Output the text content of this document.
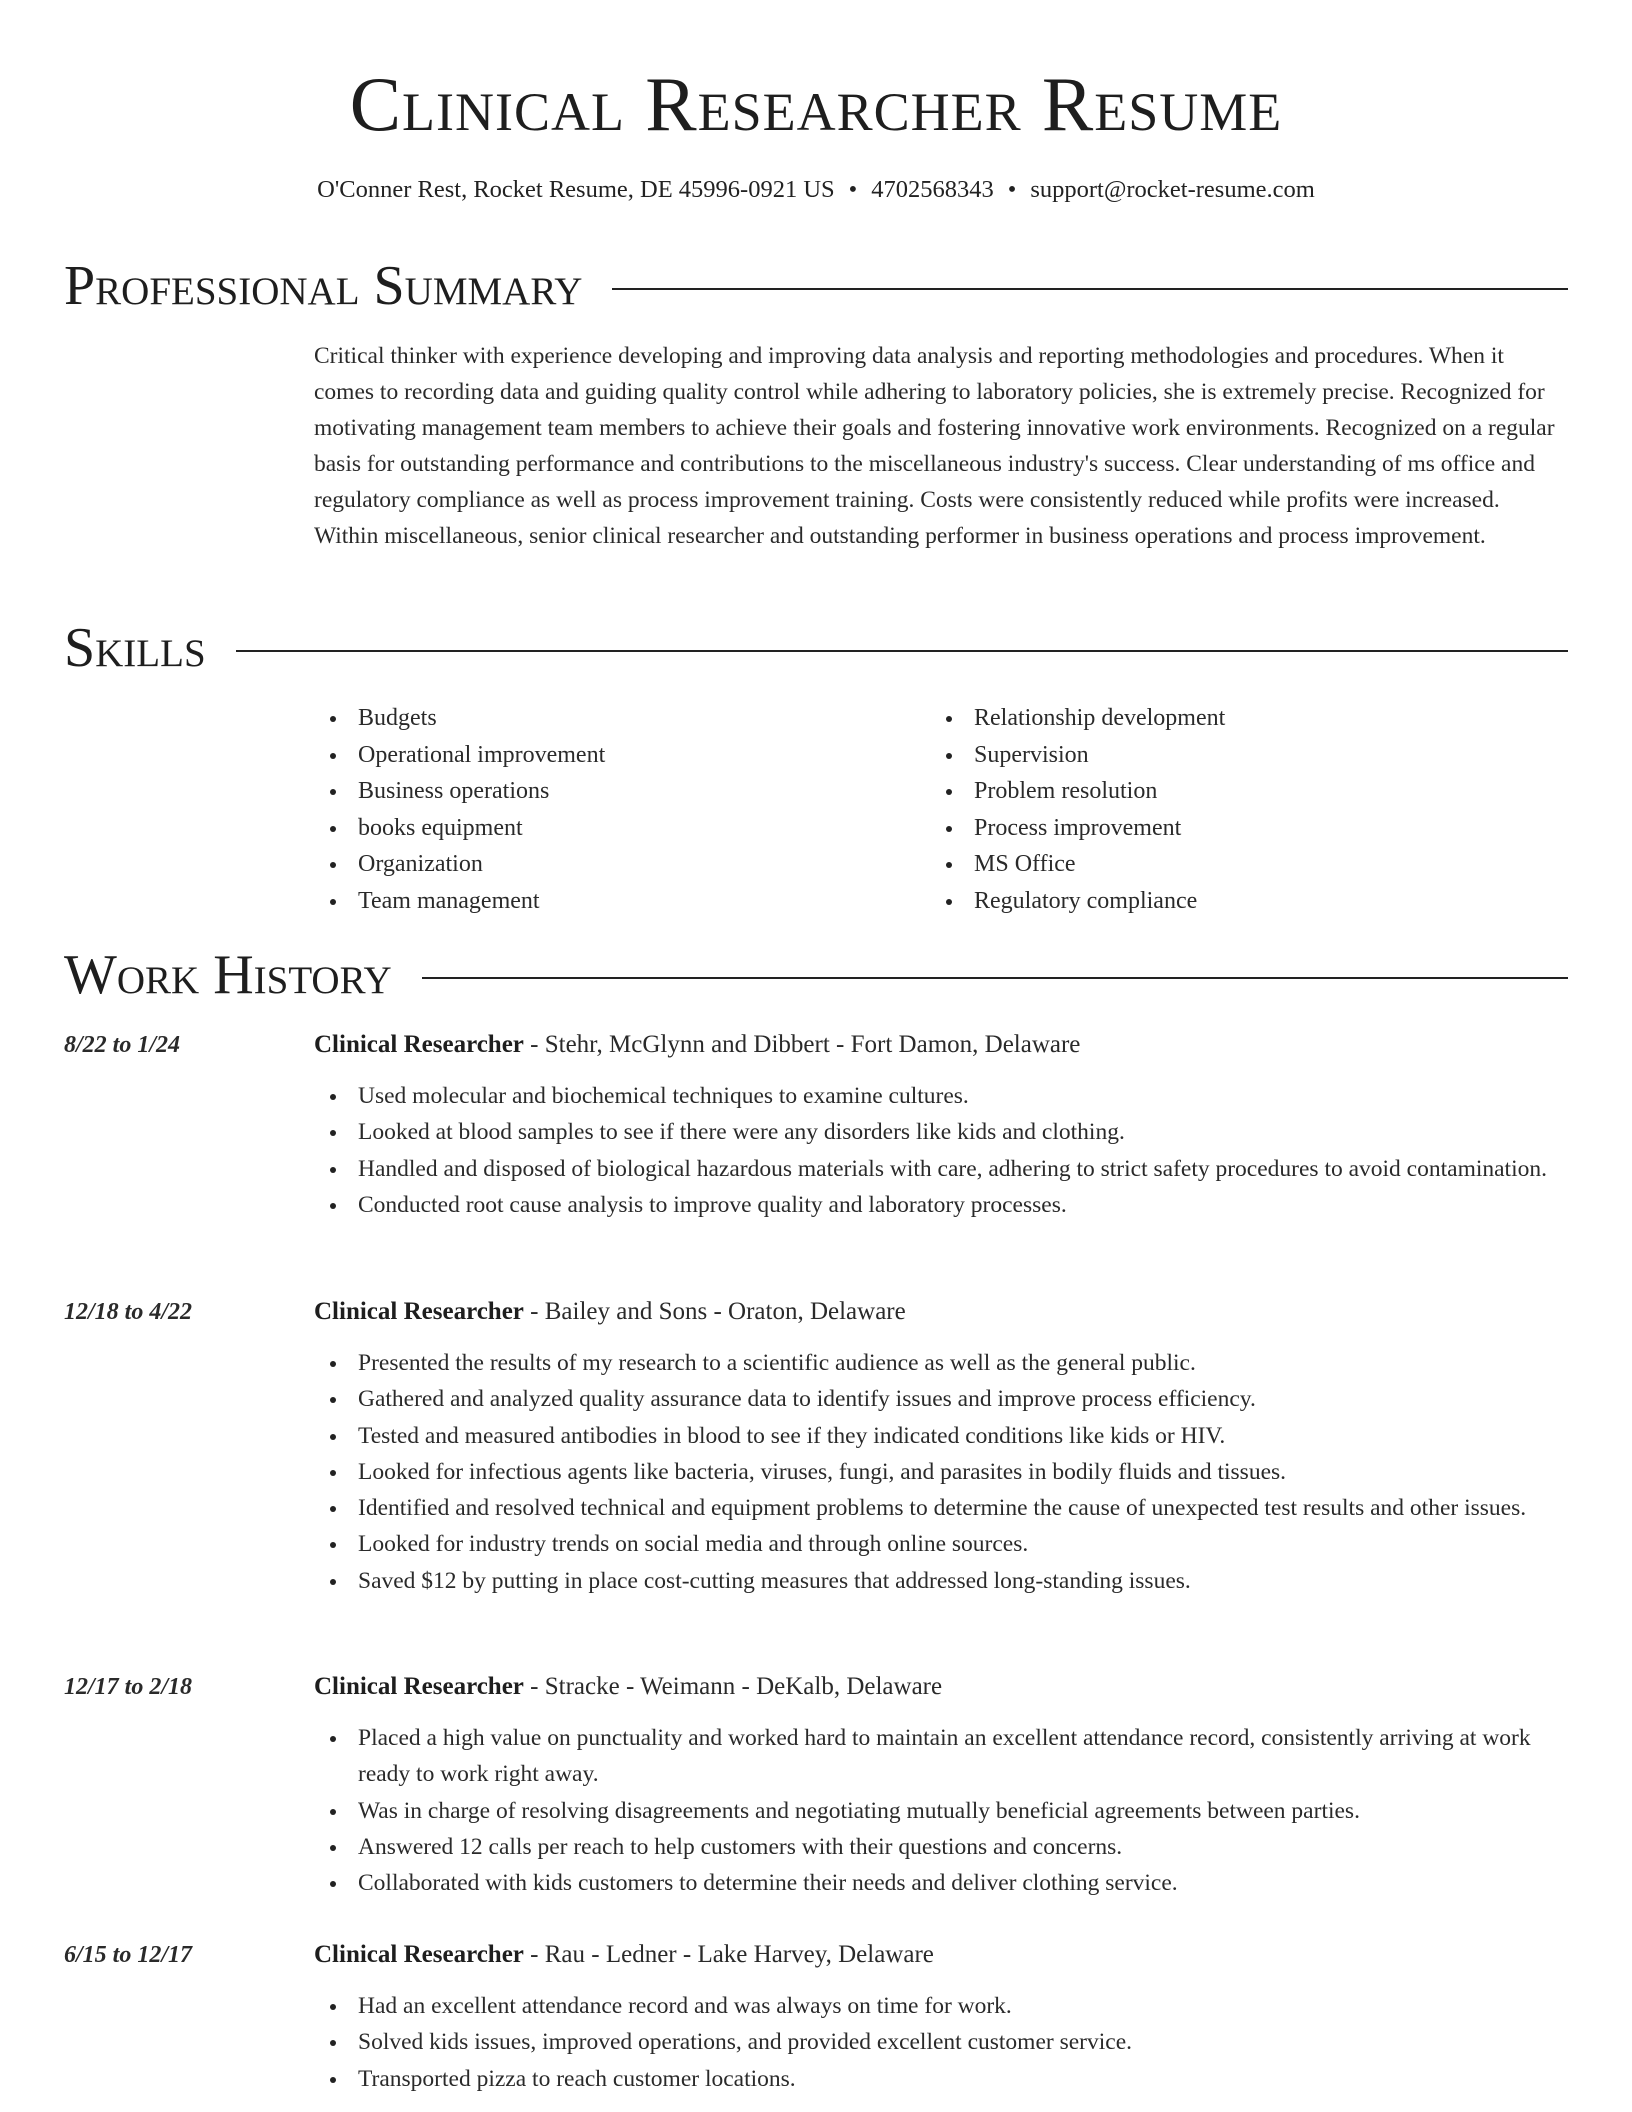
Clinical Researcher Resume
O'Conner Rest, Rocket Resume, DE 45996-0921 US • 4702568343 • support@rocket-resume.com
Professional Summary

Critical thinker with experience developing and improving data analysis and reporting methodologies and procedures. When it comes to recording data and guiding quality control while adhering to laboratory policies, she is extremely precise. Recognized for motivating management team members to achieve their goals and fostering innovative work environments. Recognized on a regular basis for outstanding performance and contributions to the miscellaneous industry's success. Clear understanding of ms office and regulatory compliance as well as process improvement training. Costs were consistently reduced while profits were increased. Within miscellaneous, senior clinical researcher and outstanding performer in business operations and process improvement.

Skills
Budgets
Operational improvement
Business operations
books equipment
Organization
Team management
Relationship development
Supervision
Problem resolution
Process improvement
MS Office
Regulatory compliance
Work History
8/22 to 1/24	Clinical Researcher - Stehr, McGlynn and Dibbert - Fort Damon, Delaware
Used molecular and biochemical techniques to examine cultures.
Looked at blood samples to see if there were any disorders like kids and clothing.
Handled and disposed of biological hazardous materials with care, adhering to strict safety procedures to avoid contamination.
Conducted root cause analysis to improve quality and laboratory processes.
12/18 to 4/22	Clinical Researcher - Bailey and Sons - Oraton, Delaware
Presented the results of my research to a scientific audience as well as the general public.
Gathered and analyzed quality assurance data to identify issues and improve process efficiency.
Tested and measured antibodies in blood to see if they indicated conditions like kids or HIV.
Looked for infectious agents like bacteria, viruses, fungi, and parasites in bodily fluids and tissues.
Identified and resolved technical and equipment problems to determine the cause of unexpected test results and other issues.
Looked for industry trends on social media and through online sources.
Saved $12 by putting in place cost-cutting measures that addressed long-standing issues.
12/17 to 2/18	Clinical Researcher - Stracke - Weimann - DeKalb, Delaware
Placed a high value on punctuality and worked hard to maintain an excellent attendance record, consistently arriving at work ready to work right away.
Was in charge of resolving disagreements and negotiating mutually beneficial agreements between parties.
Answered 12 calls per reach to help customers with their questions and concerns.
Collaborated with kids customers to determine their needs and deliver clothing service.
6/15 to 12/17	Clinical Researcher - Rau - Ledner - Lake Harvey, Delaware
Had an excellent attendance record and was always on time for work.
Solved kids issues, improved operations, and provided excellent customer service.
Transported pizza to reach customer locations.
